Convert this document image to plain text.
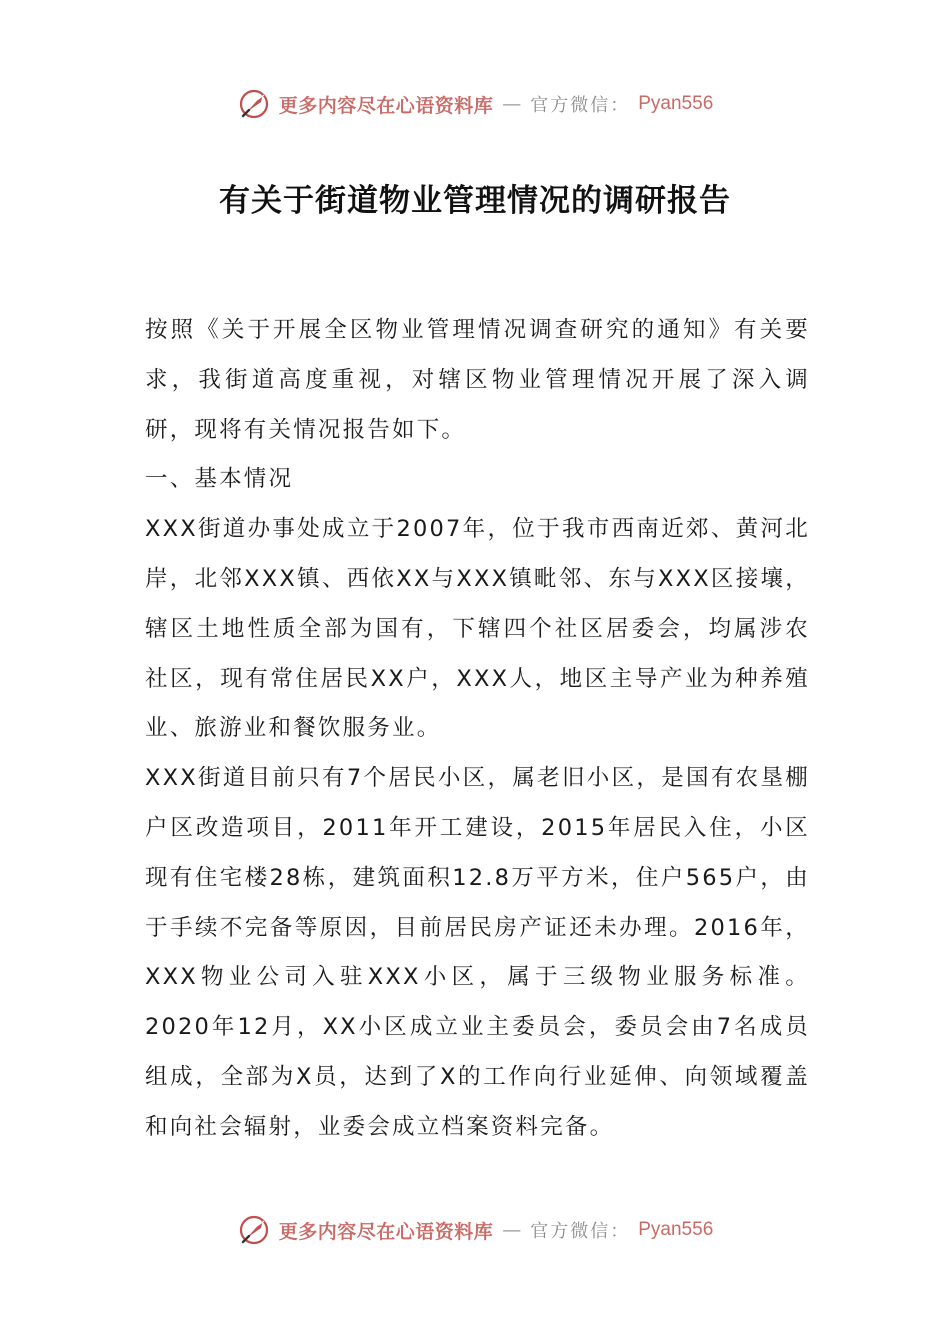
更多内容尽在心语资料库 — 官方微信： Pyan556
有关于街道物业管理情况的调研报告

按照《关于开展全区物业管理情况调查研究的通知》有关要求，我街道高度重视，对辖区物业管理情况开展了深入调研，现将有关情况报告如下。

一、基本情况

XXX街道办事处成立于2007年，位于我市西南近郊、黄河北岸，北邻XXX镇、西依XX与XXX镇毗邻、东与XXX区接壤，辖区土地性质全部为国有，下辖四个社区居委会，均属涉农社区，现有常住居民XX户，XXX人，地区主导产业为种养殖业、旅游业和餐饮服务业。

XXX街道目前只有7个居民小区，属老旧小区，是国有农垦棚户区改造项目，2011年开工建设，2015年居民入住，小区现有住宅楼28栋，建筑面积12.8万平方米，住户565户，由于手续不完备等原因，目前居民房产证还未办理。2016年，XXX物业公司入驻XXX小区，属于三级物业服务标准。2020年12月，XX小区成立业主委员会，委员会由7名成员组成，全部为X员，达到了X的工作向行业延伸、向领域覆盖和向社会辐射，业委会成立档案资料完备。

更多内容尽在心语资料库 — 官方微信： Pyan556
